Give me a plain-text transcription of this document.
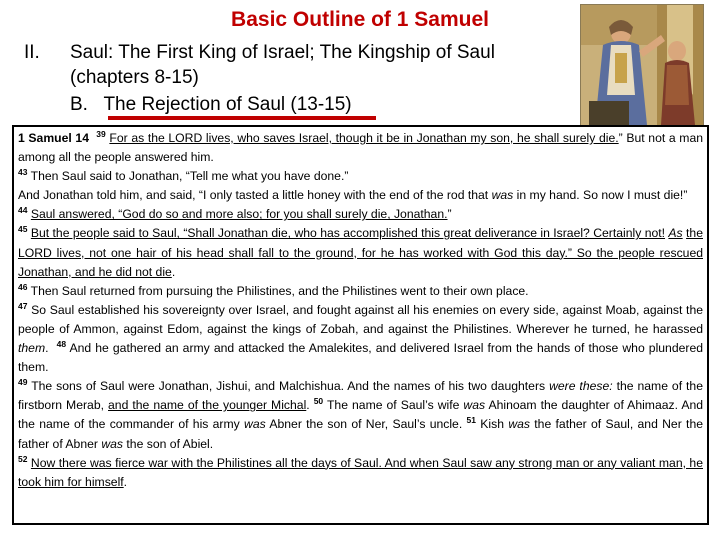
Basic Outline of 1 Samuel
II. Saul: The First King of Israel; The Kingship of Saul
(chapters 8-15)
B.   The Rejection of Saul (13-15)

1 Samuel 14 $^{39}$ For as the LORD lives, who saves Israel, though it be in Jonathan my son, he shall surely die.” But not a man among all the people answered him.
$^{43}$ Then Saul said to Jonathan, “Tell me what you have done.”
And Jonathan told him, and said, “I only tasted a little honey with the end of the rod that was in my hand. So now I must die!”
$^{44}$ Saul answered, “God do so and more also; for you shall surely die, Jonathan.”
$^{45}$ But the people said to Saul, “Shall Jonathan die, who has accomplished this great deliverance in Israel? Certainly not! As the LORD lives, not one hair of his head shall fall to the ground, for he has worked with God this day.” So the people rescued Jonathan, and he did not die.
$^{46}$ Then Saul returned from pursuing the Philistines, and the Philistines went to their own place.
$^{47}$ So Saul established his sovereignty over Israel, and fought against all his enemies on every side, against Moab, against the people of Ammon, against Edom, against the kings of Zobah, and against the Philistines. Wherever he turned, he harassed them. $^{48}$ And he gathered an army and attacked the Amalekites, and delivered Israel from the hands of those who plundered them.
$^{49}$ The sons of Saul were Jonathan, Jishui, and Malchishua. And the names of his two daughters were these: the name of the firstborn Merab, and the name of the younger Michal. $^{50}$ The name of Saul’s wife was Ahinoam the daughter of Ahimaaz. And the name of the commander of his army was Abner the son of Ner, Saul’s uncle. $^{51}$ Kish was the father of Saul, and Ner the father of Abner was the son of Abiel.
$^{52}$ Now there was fierce war with the Philistines all the days of Saul. And when Saul saw any strong man or any valiant man, he took him for himself.
